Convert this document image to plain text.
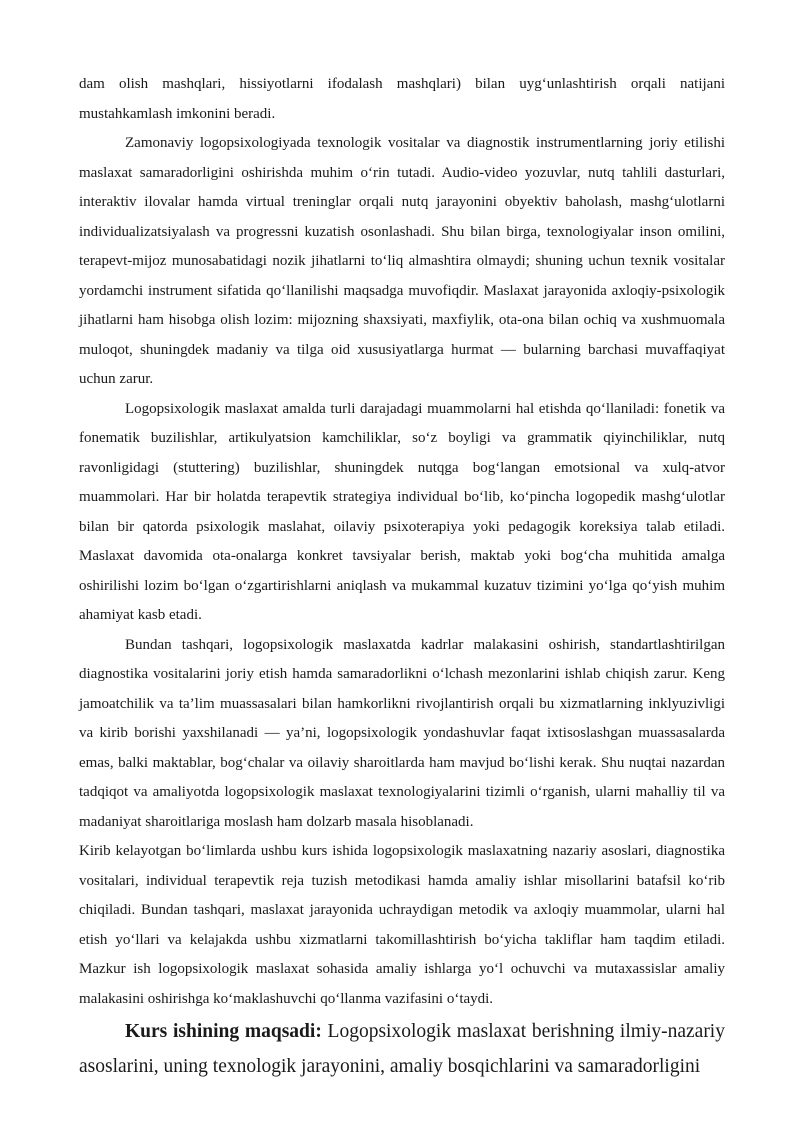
dam olish mashqlari, hissiyotlarni ifodalash mashqlari) bilan uyg‘unlashtirish orqali natijani mustahkamlash imkonini beradi.

Zamonaviy logopsixologiyada texnologik vositalar va diagnostik instrumentlarning joriy etilishi maslaxat samaradorligini oshirishda muhim o‘rin tutadi. Audio-video yozuvlar, nutq tahlili dasturlari, interaktiv ilovalar hamda virtual treninglar orqali nutq jarayonini obyektiv baholash, mashg‘ulotlarni individualizatsiyalash va progressni kuzatish osonlashadi. Shu bilan birga, texnologiyalar inson omilini, terapevt-mijoz munosabatidagi nozik jihatlarni to‘liq almashtira olmaydi; shuning uchun texnik vositalar yordamchi instrument sifatida qo‘llanilishi maqsadga muvofiqdir. Maslaxat jarayonida axloqiy-psixologik jihatlarni ham hisobga olish lozim: mijozning shaxsiyati, maxfiylik, ota-ona bilan ochiq va xushmuomala muloqot, shuningdek madaniy va tilga oid xususiyatlarga hurmat — bularning barchasi muvaffaqiyat uchun zarur.

Logopsixologik maslaxat amalda turli darajadagi muammolarni hal etishda qo‘llaniladi: fonetik va fonematik buzilishlar, artikulyatsion kamchiliklar, so‘z boyligi va grammatik qiyinchiliklar, nutq ravonligidagi (stuttering) buzilishlar, shuningdek nutqga bog‘langan emotsional va xulq-atvor muammolari. Har bir holatda terapevtik strategiya individual bo‘lib, ko‘pincha logopedik mashg‘ulotlar bilan bir qatorda psixologik maslahat, oilaviy psixoterapiya yoki pedagogik koreksiya talab etiladi. Maslaxat davomida ota-onalarga konkret tavsiyalar berish, maktab yoki bog‘cha muhitida amalga oshirilishi lozim bo‘lgan o‘zgartirishlarni aniqlash va mukammal kuzatuv tizimini yo‘lga qo‘yish muhim ahamiyat kasb etadi.

Bundan tashqari, logopsixologik maslaxatda kadrlar malakasini oshirish, standartlashtirilgan diagnostika vositalarini joriy etish hamda samaradorlikni o‘lchash mezonlarini ishlab chiqish zarur. Keng jamoatchilik va ta’lim muassasalari bilan hamkorlikni rivojlantirish orqali bu xizmatlarning inklyuzivligi va kirib borishi yaxshilanadi — ya’ni, logopsixologik yondashuvlar faqat ixtisoslashgan muassasalarda emas, balki maktablar, bog‘chalar va oilaviy sharoitlarda ham mavjud bo‘lishi kerak. Shu nuqtai nazardan tadqiqot va amaliyotda logopsixologik maslaxat texnologiyalarini tizimli o‘rganish, ularni mahalliy til va madaniyat sharoitlariga moslash ham dolzarb masala hisoblanadi.

Kirib kelayotgan bo‘limlarda ushbu kurs ishida logopsixologik maslaxatning nazariy asoslari, diagnostika vositalari, individual terapevtik reja tuzish metodikasi hamda amaliy ishlar misollarini batafsil ko‘rib chiqiladi. Bundan tashqari, maslaxat jarayonida uchraydigan metodik va axloqiy muammolar, ularni hal etish yo‘llari va kelajakda ushbu xizmatlarni takomillashtirish bo‘yicha takliflar ham taqdim etiladi. Mazkur ish logopsixologik maslaxat sohasida amaliy ishlarga yo‘l ochuvchi va mutaxassislar amaliy malakasini oshirishga ko‘maklashuvchi qo‘llanma vazifasini o‘taydi.

Kurs ishining maqsadi: Logopsixologik maslaxat berishning ilmiy-nazariy asoslarini, uning texnologik jarayonini, amaliy bosqichlarini va samaradorligini
